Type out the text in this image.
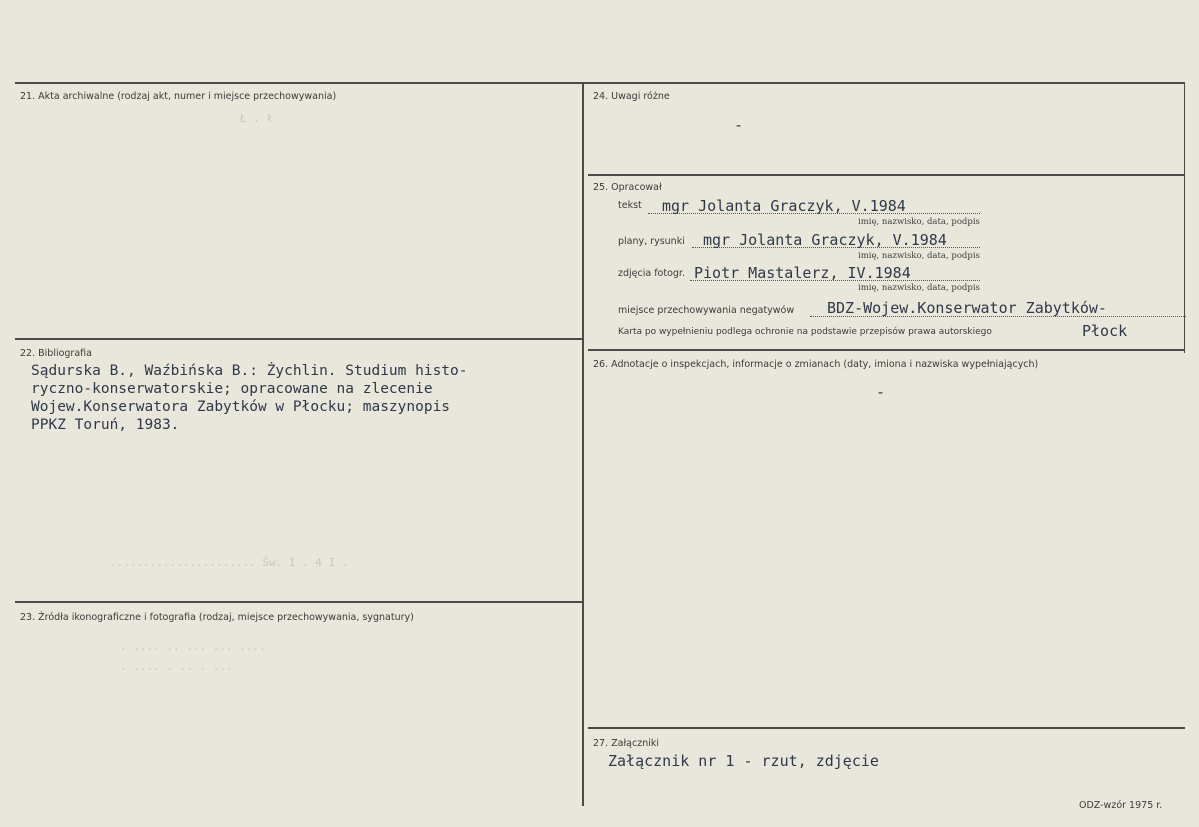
Ł . ł
...................... Św. 1 . 4 I .
. .... .. ... ... ....
. .... . .. . ...
21. Akta archiwalne (rodzaj akt, numer i miejsce przechowywania)
22. Bibliografia
Sądurska B., Waźbińska B.: Żychlin. Studium histo-
ryczno-konserwatorskie; opracowane na zlecenie
Wojew.Konserwatora Zabytków w Płocku; maszynopis
PPKZ Toruń, 1983.
23. Źródła ikonograficzne i fotografia (rodzaj, miejsce przechowywania, sygnatury)
24. Uwagi różne
-
25. Opracował
tekst mgr Jolanta Graczyk, V.1984
imię, nazwisko, data, podpis
plany, rysunki mgr Jolanta Graczyk, V.1984
imię, nazwisko, data, podpis
zdjęcia fotogr. Piotr Mastalerz, IV.1984
imię, nazwisko, data, podpis
miejsce przechowywania negatywów BDZ-Wojew.Konserwator Zabytków-
Karta po wypełnieniu podlega ochronie na podstawie przepisów prawa autorskiego	Płock
26. Adnotacje o inspekcjach, informacje o zmianach (daty, imiona i nazwiska wypełniających)
-
27. Załączniki
Załącznik nr 1 - rzut, zdjęcie
ODZ-wzór 1975 r.
